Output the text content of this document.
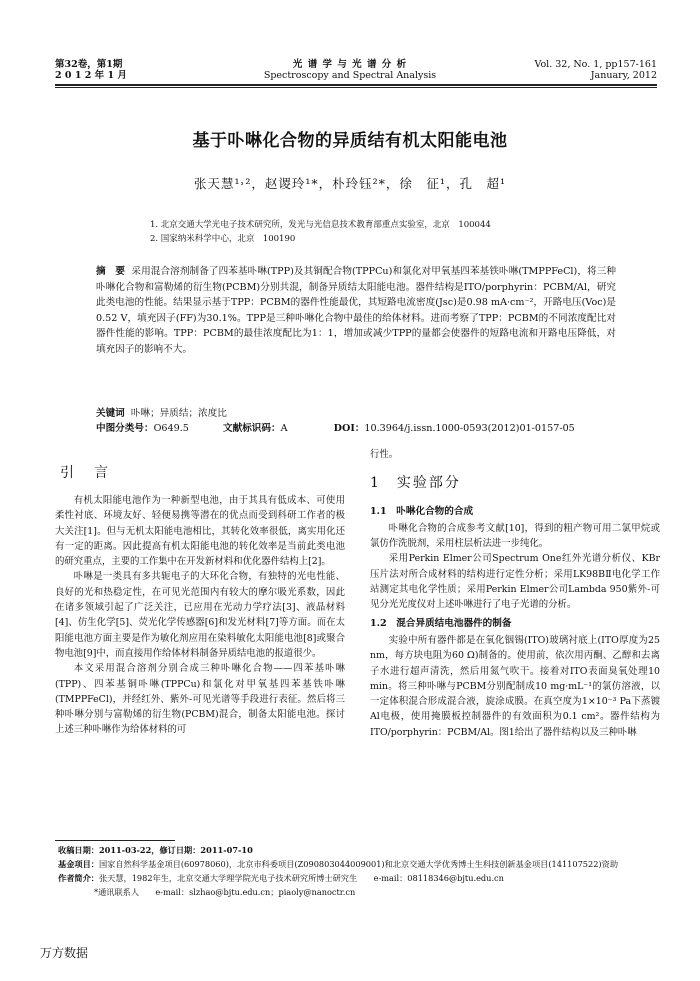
第32卷，第1期
2 0 1 2 年 1 月
光 谱 学 与 光 谱 分 析
Spectroscopy and Spectral Analysis
Vol. 32, No. 1, pp157-161
January, 2012
基于卟啉化合物的异质结有机太阳能电池
张天慧¹˒²，赵谡玲¹*，朴玲钰²*，徐　征¹，孔　超¹
1. 北京交通大学光电子技术研究所，发光与光信息技术教育部重点实验室，北京　100044
2. 国家纳米科学中心，北京　100190
摘　要 采用混合溶剂制备了四苯基卟啉(TPP)及其铜配合物(TPPCu)和氯化对甲氧基四苯基铁卟啉(TMPPFeCl)，将三种卟啉化合物和富勒烯的衍生物(PCBM)分别共混，制备异质结太阳能电池。器件结构是ITO/porphyrin：PCBM/Al，研究此类电池的性能。结果显示基于TPP：PCBM的器件性能最优，其短路电流密度(Jsc)是0.98 mA·cm⁻²，开路电压(Voc)是0.52 V，填充因子(FF)为30.1%。TPP是三种卟啉化合物中最佳的给体材料。进而考察了TPP：PCBM的不同浓度配比对器件性能的影响。TPP：PCBM的最佳浓度配比为1：1，增加或减少TPP的量都会使器件的短路电流和开路电压降低，对填充因子的影响不大。
关键词 卟啉；异质结；浓度比
中图分类号：O649.5	文献标识码：A	DOI：10.3964/j.issn.1000-0593(2012)01-0157-05
引　言

有机太阳能电池作为一种新型电池，由于其具有低成本、可使用柔性衬底、环境友好、轻便易携等潜在的优点而受到科研工作者的极大关注[1]。但与无机太阳能电池相比，其转化效率很低，离实用化还有一定的距离。因此提高有机太阳能电池的转化效率是当前此类电池的研究重点，主要的工作集中在开发新材料和优化器件结构上[2]。

卟啉是一类具有多共轭电子的大环化合物，有独特的光电性能、良好的光和热稳定性，在可见光范围内有较大的摩尔吸光系数，因此在诸多领域引起了广泛关注，已应用在光动力学疗法[3]、液晶材料[4]、仿生化学[5]、荧光化学传感器[6]和发光材料[7]等方面。而在太阳能电池方面主要是作为敏化剂应用在染料敏化太阳能电池[8]或聚合物电池[9]中，而直接用作给体材料制备异质结电池的报道很少。

本文采用混合溶剂分别合成三种卟啉化合物——四苯基卟啉(TPP)、四苯基铜卟啉(TPPCu)和氯化对甲氧基四苯基铁卟啉(TMPPFeCl)，并经红外、紫外-可见光谱等手段进行表征。然后将三种卟啉分别与富勒烯的衍生物(PCBM)混合，制备太阳能电池。探讨上述三种卟啉作为给体材料的可

行性。
1　实验部分
1.1　卟啉化合物的合成

卟啉化合物的合成参考文献[10]，得到的粗产物可用二氯甲烷或氯仿作洗脱剂，采用柱层析法进一步纯化。

采用Perkin Elmer公司Spectrum One红外光谱分析仪、KBr压片法对所合成材料的结构进行定性分析；采用LK98BⅡ电化学工作站测定其电化学性质；采用Perkin Elmer公司Lambda 950紫外-可见分光光度仪对上述卟啉进行了电子光谱的分析。

1.2　混合异质结电池器件的制备

实验中所有器件都是在氧化铟锡(ITO)玻璃衬底上(ITO厚度为25 nm，每方块电阻为60 Ω)制备的。使用前，依次用丙酮、乙醇和去离子水进行超声清洗，然后用氮气吹干。接着对ITO表面臭氧处理10 min。将三种卟啉与PCBM分别配制成10 mg·mL⁻¹的氯仿溶液，以一定体积混合形成混合液，旋涂成膜。在真空度为1×10⁻³ Pa下蒸镀Al电极，使用掩膜板控制器件的有效面积为0.1 cm²。器件结构为ITO/porphyrin：PCBM/Al。图1给出了器件结构以及三种卟啉

收稿日期：2011-03-22，修订日期：2011-07-10
基金项目：国家自然科学基金项目(60978060)，北京市科委项目(Z090803044009001)和北京交通大学优秀博士生科技创新基金项目(141107522)资助
作者简介：张天慧，1982年生，北京交通大学理学院光电子技术研究所博士研究生　　e-mail：08118346@bjtu.edu.cn
*通讯联系人　　e-mail：slzhao@bjtu.edu.cn；piaoly@nanoctr.cn
万方数据
